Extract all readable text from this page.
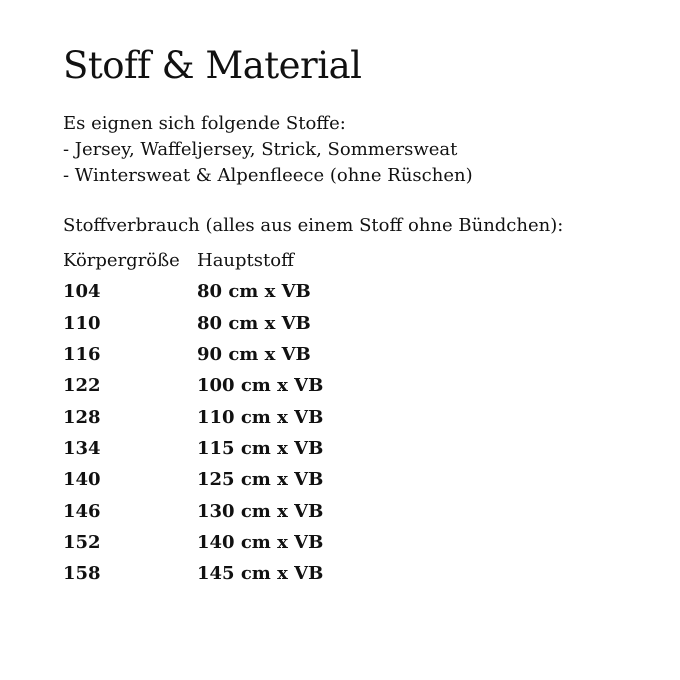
Stoff & Material
Es eignen sich folgende Stoffe:
- Jersey, Waffeljersey, Strick, Sommersweat
- Wintersweat & Alpenfleece (ohne Rüschen)
Stoffverbrauch (alles aus einem Stoff ohne Bündchen):
Körpergröße Hauptstoff
104	80 cm x VB
110	80 cm x VB
116	90 cm x VB
122	100 cm x VB
128	110 cm x VB
134	115 cm x VB
140	125 cm x VB
146	130 cm x VB
152	140 cm x VB
158	145 cm x VB
